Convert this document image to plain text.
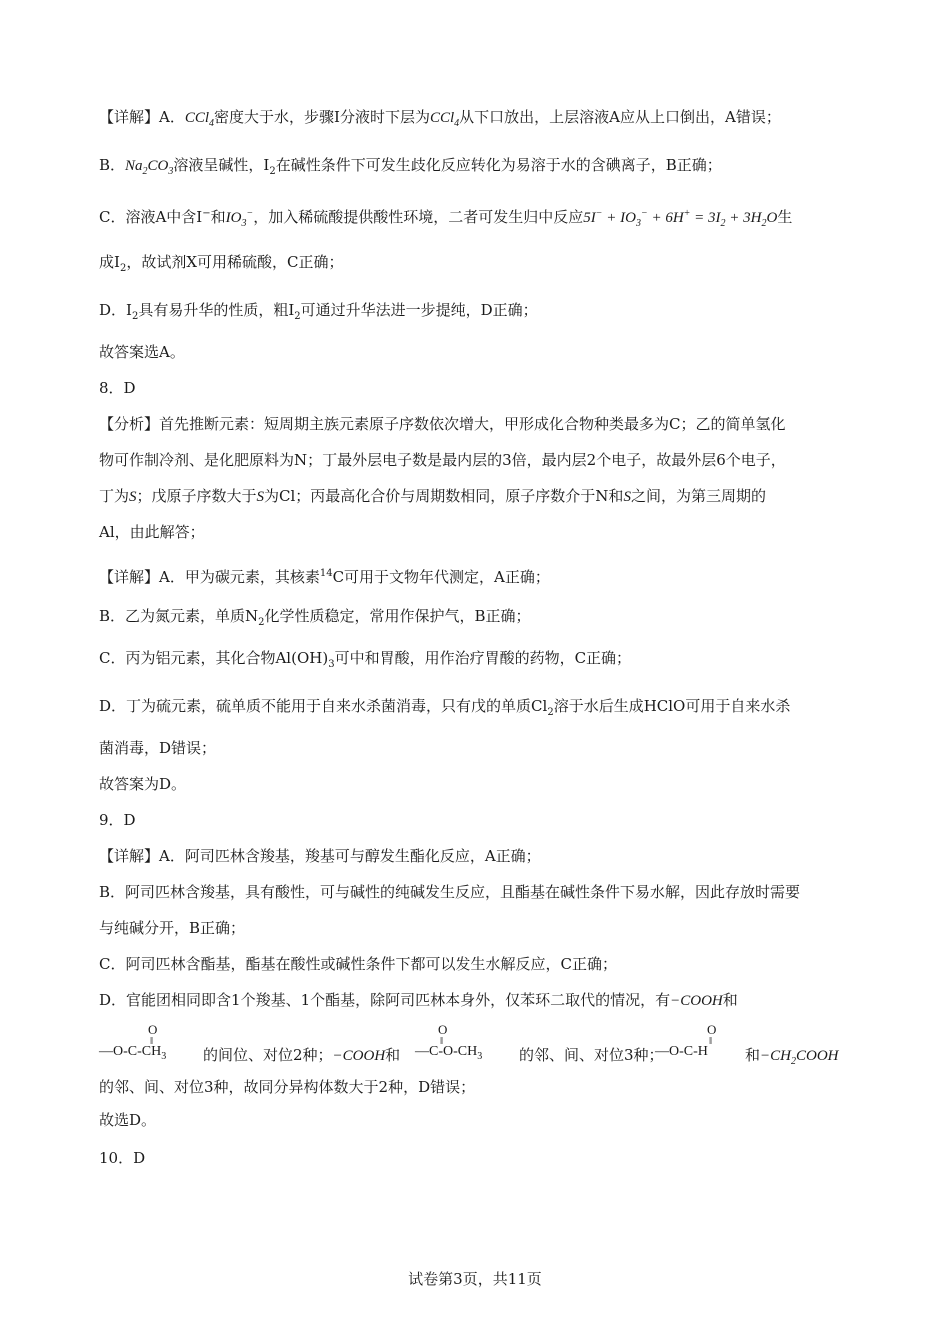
【详解】A．CCl$_4$密度大于水，步骤I分液时下层为CCl$_4$从下口放出，上层溶液A应从上口倒出，A错误；
B．$Na_2CO_3$溶液呈碱性，$I_2$在碱性条件下可发生歧化反应转化为易溶于水的含碘离子，B正确；
C．溶液A中含I−和$IO_3^-$，加入稀硫酸提供酸性环境，二者可发生归中反应$5I^- + IO_3^- + 6H^+ = 3I_2 + 3H_2O$生
成$I_2$，故试剂X可用稀硫酸，C正确；
D．$I_2$具有易升华的性质，粗$I_2$可通过升华法进一步提纯，D正确；
故答案选A。
8．D
【分析】首先推断元素：短周期主族元素原子序数依次增大，甲形成化合物种类最多为C；乙的简单氢化
物可作制冷剂、是化肥原料为N；丁最外层电子数是最内层的3倍，最内层2个电子，故最外层6个电子，
丁为S；戊原子序数大于S为Cl；丙最高化合价与周期数相同，原子序数介于N和S之间，为第三周期的
Al，由此解答；
【详解】A．甲为碳元素，其核素$^{14}$C可用于文物年代测定，A正确；
B．乙为氮元素，单质$N_2$化学性质稳定，常用作保护气，B正确；
C．丙为铝元素，其化合物$Al(OH)_3$可中和胃酸，用作治疗胃酸的药物，C正确；
D．丁为硫元素，硫单质不能用于自来水杀菌消毒，只有戊的单质$Cl_2$溶于水后生成HClO可用于自来水杀
菌消毒，D错误；
故答案为D。
9．D
【详解】A．阿司匹林含羧基，羧基可与醇发生酯化反应，A正确；
B．阿司匹林含羧基，具有酸性，可与碱性的纯碱发生反应，且酯基在碱性条件下易水解，因此存放时需要
与纯碱分开，B正确；
C．阿司匹林含酯基，酯基在酸性或碱性条件下都可以发生水解反应，C正确；
D．官能团相同即含1个羧基、1个酯基，除阿司匹林本身外，仅苯环二取代的情况，有−COOH和
的邻、间、对位3种，故同分异构体数大于2种，D错误；
故选D。
10．D
O
‖
$—O-C-CH_3$ 的间位、对位2种；−COOH和
O
‖
$—C-O-CH_3$ 的邻、间、对位3种；
O
‖
—O-C-H 和$-CH_2COOH$
试卷第3页，共11页
